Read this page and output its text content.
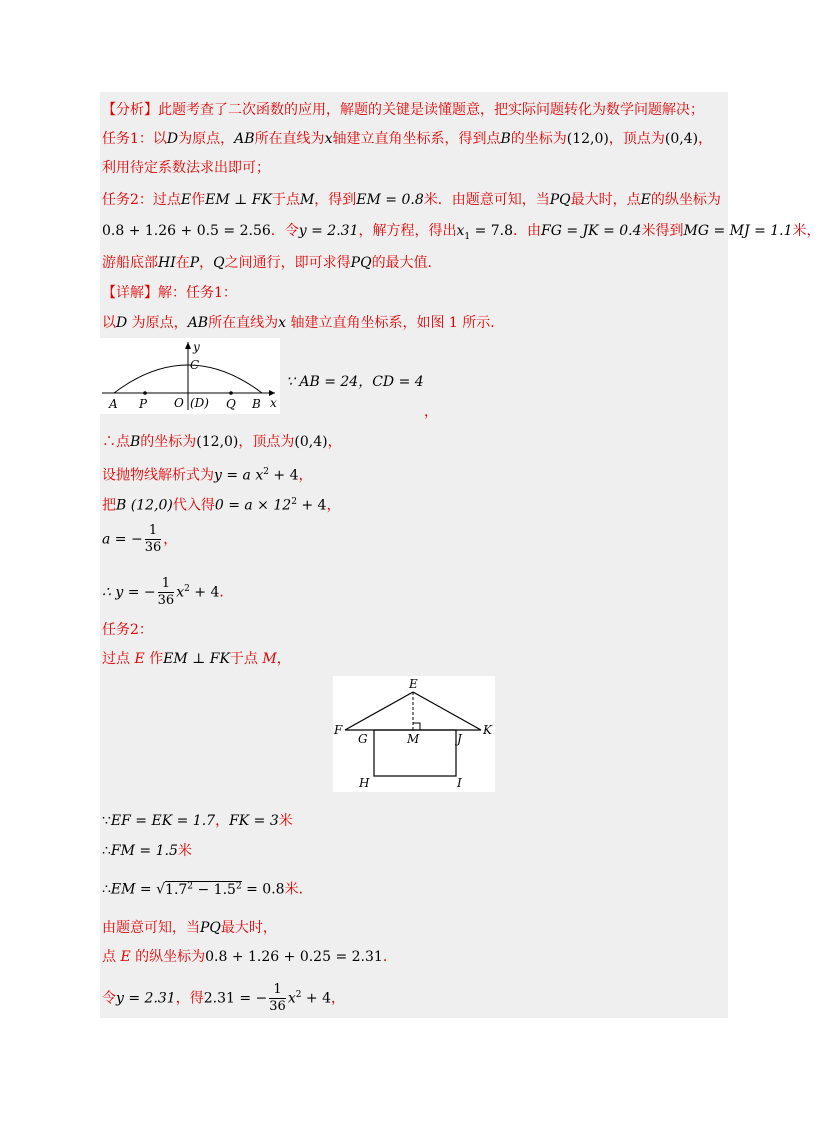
【分析】此题考查了二次函数的应用，解题的关键是读懂题意，把实际问题转化为数学问题解决；
任务1：以D为原点，AB所在直线为x轴建立直角坐标系，得到点B的坐标为(12,0)，顶点为(0,4)，
利用待定系数法求出即可；
任务2：过点E作EM ⊥ FK于点M，得到EM = 0.8米．由题意可知，当PQ最大时，点E的纵坐标为
0.8 + 1.26 + 0.5 = 2.56．令y = 2.31，解方程，得出$x_1 = 7.8$．由FG = JK = 0.4米得到MG = MJ = 1.1米，
游船底部HI在P，Q之间通行，即可求得PQ的最大值．
【详解】解：任务1：
以D 为原点，AB所在直线为x 轴建立直角坐标系，如图 1 所示．
y
C
A P O (D) Q B x
∵ AB = 24，CD = 4
，
∴点B的坐标为(12,0)，顶点为(0,4)，
设抛物线解析式为y = a $x^2 + 4$，
把B (12,0)代入得$0 = a \times 12^2 + 4$，
a = − $\frac{1}{36}$ ，
∴ y = − $\frac{1}{36} x^2 + 4$．
任务2：
过点 E 作EM ⊥ FK于点 M，
E
F
G	M	J
K
H	I
∵EF = EK = 1.7，FK = 3米
∴FM = 1.5米
∴EM = $√1.7^2 - 1.5^2 = 0.8$米．
由题意可知，当PQ最大时，
点 E 的纵坐标为0.8 + 1.26 + 0.25 = 2.31．
令y = 2.31，得2.31 = − $\frac{1}{36} x^2 + 4$，
